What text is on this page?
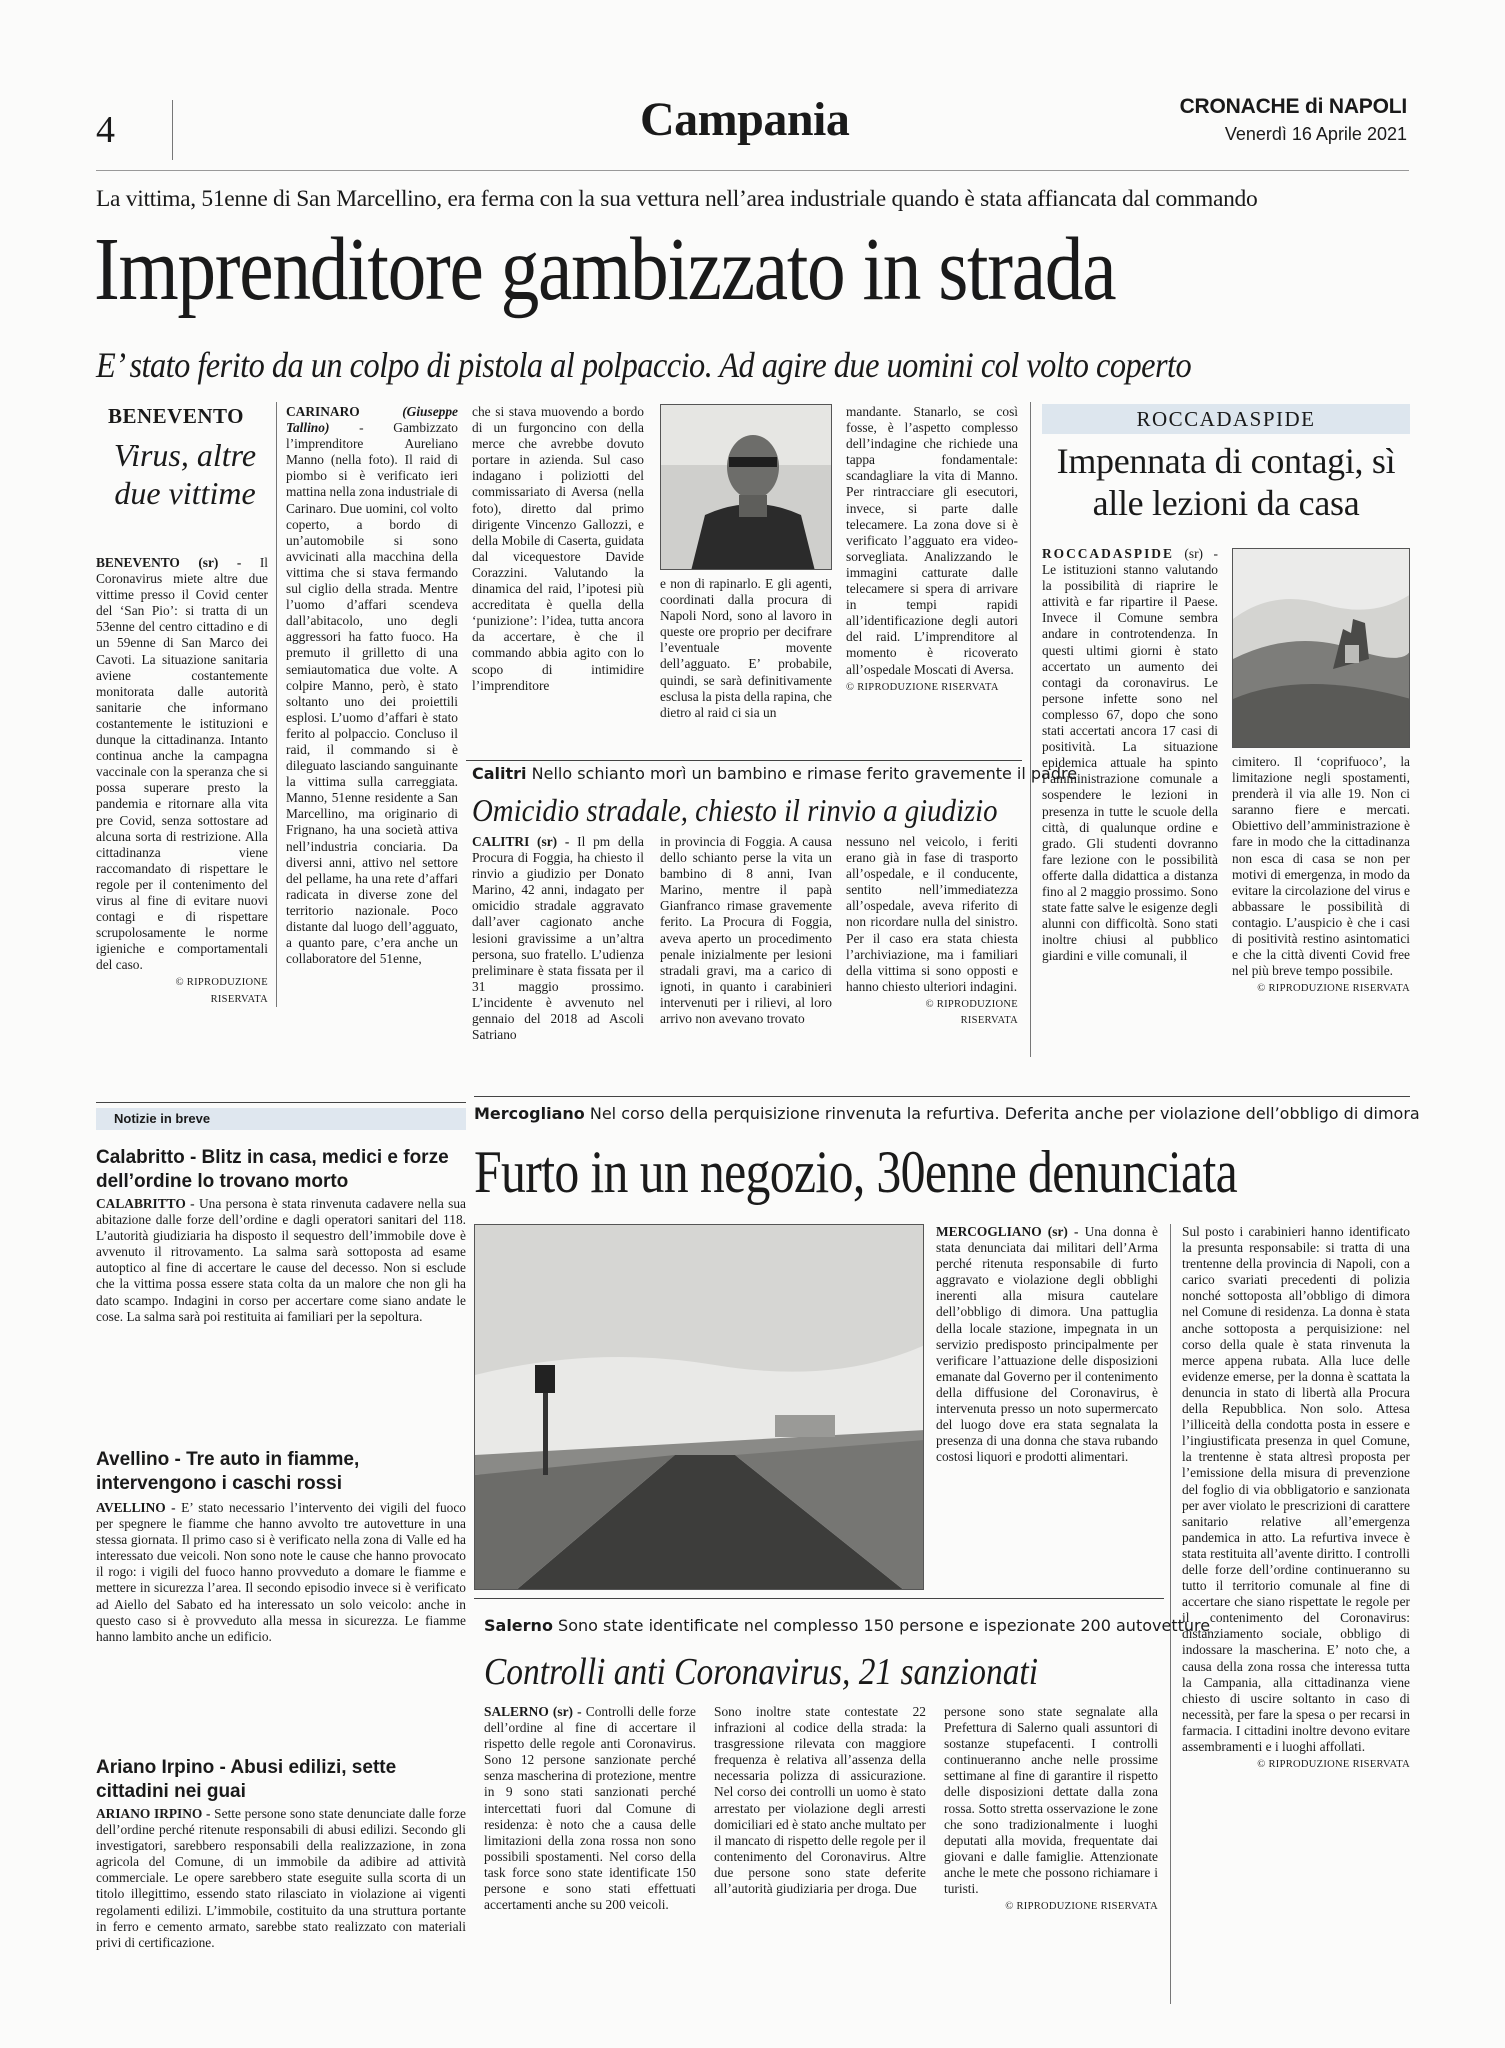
4	Campania	CRONACHE di NAPOLI
Venerdì 16 Aprile 2021
La vittima, 51enne di San Marcellino, era ferma con la sua vettura nell’area industriale quando è stata affiancata dal commando
Imprenditore gambizzato in strada
E’ stato ferito da un colpo di pistola al polpaccio. Ad agire due uomini col volto coperto
BENEVENTO
Virus, altre due vittime
BENEVENTO (sr) - Il Coronavirus miete altre due vittime presso il Covid center del ‘San Pio’: si tratta di un 53enne del centro cittadino e di un 59enne di San Marco dei Cavoti. La situazione sanitaria aviene costantemente monitorata dalle autorità sanitarie che informano costantemente le istituzioni e dunque la cittadinanza. Intanto continua anche la campagna vaccinale con la speranza che si possa superare presto la pandemia e ritornare alla vita pre Covid, senza sottostare ad alcuna sorta di restrizione. Alla cittadinanza viene raccomandato di rispettare le regole per il contenimento del virus al fine di evitare nuovi contagi e di rispettare scrupolosamente le norme igieniche e comportamentali del caso.
© RIPRODUZIONE RISERVATA
CARINARO	(Giuseppe Tallino) - Gambizzato l’imprenditore Aureliano Manno (nella foto). Il raid di piombo si è verificato ieri mattina nella zona industriale di Carinaro. Due uomini, col volto coperto, a bordo di un’automobile si sono avvicinati alla macchina della vittima che si stava fermando sul ciglio della strada. Mentre l’uomo d’affari scendeva dall’abitacolo, uno degli aggressori ha fatto fuoco. Ha premuto il grilletto di una semiautomatica due volte. A colpire Manno, però, è stato soltanto uno dei proiettili esplosi. L’uomo d’affari è stato ferito al polpaccio. Concluso il raid, il commando si è dileguato lasciando sanguinante la vittima sulla carreggiata. Manno, 51enne residente a San Marcellino, ma originario di Frignano, ha una società attiva nell’industria conciaria. Da diversi anni, attivo nel settore del pellame, ha una rete d’affari radicata in diverse zone del territorio nazionale. Poco distante dal luogo dell’agguato, a quanto pare, c’era anche un collaboratore del 51enne,
che si stava muovendo a bordo di un furgoncino con della merce che avrebbe dovuto portare in azienda. Sul caso indagano i poliziotti del commissariato di Aversa (nella foto), diretto dal primo dirigente Vincenzo Gallozzi, e della Mobile di Caserta, guidata dal vicequestore Davide Corazzini. Valutando la dinamica del raid, l’ipotesi più accreditata è quella della ‘punizione’: l’idea, tutta ancora da accertare, è che il commando abbia agito con lo scopo di intimidire l’imprenditore
e non di rapinarlo. E gli agenti, coordinati dalla procura di Napoli Nord, sono al lavoro in queste ore proprio per decifrare l’eventuale movente dell’agguato. E’ probabile, quindi, se sarà definitivamente esclusa la pista della rapina, che dietro al raid ci sia un
mandante. Stanarlo, se così fosse, è l’aspetto complesso dell’indagine che richiede una tappa fondamentale: scandagliare la vita di Manno. Per rintracciare gli esecutori, invece, si parte dalle telecamere. La zona dove si è verificato l’agguato era video-sorvegliata. Analizzando le immagini catturate dalle telecamere si spera di arrivare in tempi rapidi all’identificazione degli autori del raid. L’imprenditore al momento è ricoverato all’ospedale Moscati di Aversa.
© RIPRODUZIONE RISERVATA
Calitri Nello schianto morì un bambino e rimase ferito gravemente il padre
Omicidio stradale, chiesto il rinvio a giudizio
CALITRI (sr) - Il pm della Procura di Foggia, ha chiesto il rinvio a giudizio per Donato Marino, 42 anni, indagato per omicidio stradale aggravato dall’aver cagionato anche lesioni gravissime a un’altra persona, suo fratello. L’udienza preliminare è stata fissata per il 31 maggio prossimo. L’incidente è avvenuto nel gennaio del 2018 ad Ascoli Satriano
in provincia di Foggia. A causa dello schianto perse la vita un bambino di 8 anni, Ivan Marino, mentre il papà Gianfranco rimase gravemente ferito. La Procura di Foggia, aveva aperto un procedimento penale inizialmente per lesioni stradali gravi, ma a carico di ignoti, in quanto i carabinieri intervenuti per i rilievi, al loro arrivo non avevano trovato
nessuno nel veicolo, i feriti erano già in fase di trasporto all’ospedale, e il conducente, sentito nell’immediatezza all’ospedale, aveva riferito di non ricordare nulla del sinistro. Per il caso era stata chiesta l’archiviazione, ma i familiari della vittima si sono opposti e hanno chiesto ulteriori indagini.
© RIPRODUZIONE RISERVATA
ROCCADASPIDE
Impennata di contagi, sì alle lezioni da casa
ROCCADASPIDE (sr) - Le istituzioni stanno valutando la possibilità di riaprire le attività e far ripartire il Paese. Invece il Comune sembra andare in controtendenza. In questi ultimi giorni è stato accertato un aumento dei contagi da coronavirus. Le persone infette sono nel complesso 67, dopo che sono stati accertati ancora 17 casi di positività. La situazione epidemica attuale ha spinto l’amministrazione comunale a sospendere le lezioni in presenza in tutte le scuole della città, di qualunque ordine e grado. Gli studenti dovranno fare lezione con le possibilità offerte dalla didattica a distanza fino al 2 maggio prossimo. Sono state fatte salve le esigenze degli alunni con difficoltà. Sono stati inoltre chiusi al pubblico giardini e ville comunali, il
cimitero. Il ‘coprifuoco’, la limitazione negli spostamenti, prenderà il via alle 19. Non ci saranno fiere e mercati. Obiettivo dell’amministrazione è fare in modo che la cittadinanza non esca di casa se non per motivi di emergenza, in modo da evitare la circolazione del virus e abbassare le possibilità di contagio. L’auspicio è che i casi di positività restino asintomatici e che la città diventi Covid free nel più breve tempo possibile.
© RIPRODUZIONE RISERVATA
Notizie in breve
Calabritto - Blitz in casa, medici e forze dell’ordine lo trovano morto
CALABRITTO - Una persona è stata rinvenuta cadavere nella sua abitazione dalle forze dell’ordine e dagli operatori sanitari del 118. L’autorità giudiziaria ha disposto il sequestro dell’immobile dove è avvenuto il ritrovamento. La salma sarà sottoposta ad esame autoptico al fine di accertare le cause del decesso. Non si esclude che la vittima possa essere stata colta da un malore che non gli ha dato scampo. Indagini in corso per accertare come siano andate le cose. La salma sarà poi restituita ai familiari per la sepoltura.
Avellino - Tre auto in fiamme, intervengono i caschi rossi
AVELLINO - E’ stato necessario l’intervento dei vigili del fuoco per spegnere le fiamme che hanno avvolto tre autovetture in una stessa giornata. Il primo caso si è verificato nella zona di Valle ed ha interessato due veicoli. Non sono note le cause che hanno provocato il rogo: i vigili del fuoco hanno provveduto a domare le fiamme e mettere in sicurezza l’area. Il secondo episodio invece si è verificato ad Aiello del Sabato ed ha interessato un solo veicolo: anche in questo caso si è provveduto alla messa in sicurezza. Le fiamme hanno lambito anche un edificio.
Ariano Irpino - Abusi edilizi, sette cittadini nei guai
ARIANO IRPINO - Sette persone sono state denunciate dalle forze dell’ordine perché ritenute responsabili di abusi edilizi. Secondo gli investigatori, sarebbero responsabili della realizzazione, in zona agricola del Comune, di un immobile da adibire ad attività commerciale. Le opere sarebbero state eseguite sulla scorta di un titolo illegittimo, essendo stato rilasciato in violazione ai vigenti regolamenti edilizi. L’immobile, costituito da una struttura portante in ferro e cemento armato, sarebbe stato realizzato con materiali privi di certificazione.
Mercogliano Nel corso della perquisizione rinvenuta la refurtiva. Deferita anche per violazione dell’obbligo di dimora
Furto in un negozio, 30enne denunciata
MERCOGLIANO (sr) - Una donna è stata denunciata dai militari dell’Arma perché ritenuta responsabile di furto aggravato e violazione degli obblighi inerenti alla misura cautelare dell’obbligo di dimora. Una pattuglia della locale stazione, impegnata in un servizio predisposto principalmente per verificare l’attuazione delle disposizioni emanate dal Governo per il contenimento della diffusione del Coronavirus, è intervenuta presso un noto supermercato del luogo dove era stata segnalata la presenza di una donna che stava rubando costosi liquori e prodotti alimentari.
Sul posto i carabinieri hanno identificato la presunta responsabile: si tratta di una trentenne della provincia di Napoli, con a carico svariati precedenti di polizia nonché sottoposta all’obbligo di dimora nel Comune di residenza. La donna è stata anche sottoposta a perquisizione: nel corso della quale è stata rinvenuta la merce appena rubata. Alla luce delle evidenze emerse, per la donna è scattata la denuncia in stato di libertà alla Procura della Repubblica. Non solo. Attesa l’illiceità della condotta posta in essere e l’ingiustificata presenza in quel Comune, la trentenne è stata altresì proposta per l’emissione della misura di prevenzione del foglio di via obbligatorio e sanzionata per aver violato le prescrizioni di carattere sanitario relative all’emergenza pandemica in atto. La refurtiva invece è stata restituita all’avente diritto. I controlli delle forze dell’ordine continueranno su tutto il territorio comunale al fine di accertare che siano rispettate le regole per il contenimento del Coronavirus: distanziamento sociale, obbligo di indossare la mascherina. E’ noto che, a causa della zona rossa che interessa tutta la Campania, alla cittadinanza viene chiesto di uscire soltanto in caso di necessità, per fare la spesa o per recarsi in farmacia. I cittadini inoltre devono evitare assembramenti e i luoghi affollati.
© RIPRODUZIONE RISERVATA
Salerno Sono state identificate nel complesso 150 persone e ispezionate 200 autovetture
Controlli anti Coronavirus, 21 sanzionati
SALERNO (sr) - Controlli delle forze dell’ordine al fine di accertare il rispetto delle regole anti Coronavirus. Sono 12 persone sanzionate perché senza mascherina di protezione, mentre in 9 sono stati sanzionati perché intercettati fuori dal Comune di residenza: è noto che a causa delle limitazioni della zona rossa non sono possibili spostamenti. Nel corso della task force sono state identificate 150 persone e sono stati effettuati accertamenti anche su 200 veicoli.
Sono inoltre state contestate 22 infrazioni al codice della strada: la trasgressione rilevata con maggiore frequenza è relativa all’assenza della necessaria polizza di assicurazione. Nel corso dei controlli un uomo è stato arrestato per violazione degli arresti domiciliari ed è stato anche multato per il mancato di rispetto delle regole per il contenimento del Coronavirus. Altre due persone sono state deferite all’autorità giudiziaria per droga. Due
persone sono state segnalate alla Prefettura di Salerno quali assuntori di sostanze stupefacenti. I controlli continueranno anche nelle prossime settimane al fine di garantire il rispetto delle disposizioni dettate dalla zona rossa. Sotto stretta osservazione le zone che sono tradizionalmente i luoghi deputati alla movida, frequentate dai giovani e dalle famiglie. Attenzionate anche le mete che possono richiamare i turisti.
© RIPRODUZIONE RISERVATA
